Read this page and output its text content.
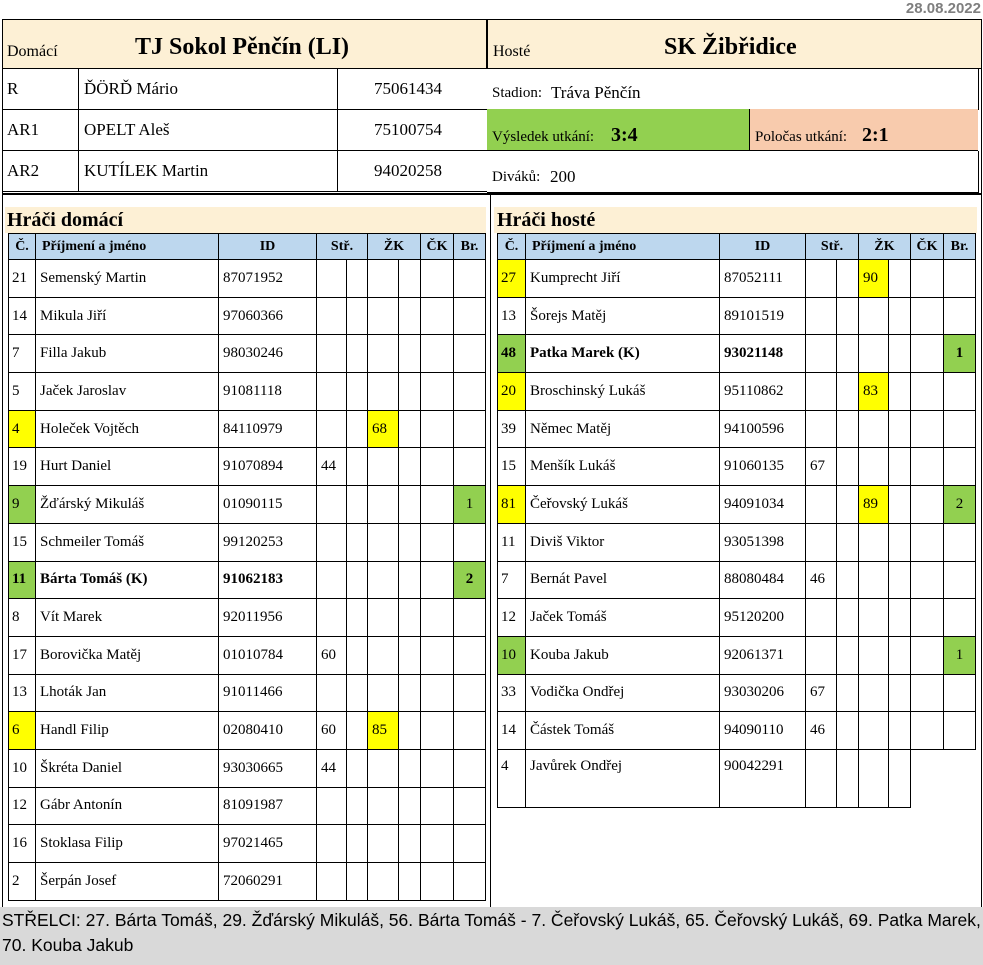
28.08.2022
Domácí	TJ Sokol Pěnčín (LI)	Hosté	SK Žibřidice
R	ĎÖRĎ Mário	75061434
AR1	OPELT Aleš	75100754
AR2	KUTÍLEK Martin	94020258
Stadion: Tráva Pěnčín
Výsledek utkání: 3:4	Poločas utkání: 2:1
Diváků: 200
Hráči domácí
Č.	Příjmení a jméno	ID	Stř.		ŽK		ČK	Br.
21	Semenský Martin	87071952						
14	Mikula Jiří	97060366						
7	Filla Jakub	98030246						
5	Jaček Jaroslav	91081118						
4	Holeček Vojtěch	84110979			68			
19	Hurt Daniel	91070894	44					
9	Žďárský Mikuláš	01090115						1
15	Schmeiler Tomáš	99120253						
11	Bárta Tomáš (K)	91062183						2
8	Vít Marek	92011956						
17	Borovička Matěj	01010784	60					
13	Lhoták Jan	91011466						
6	Handl Filip	02080410	60		85			
10	Škréta Daniel	93030665	44					
12	Gábr Antonín	81091987						
16	Stoklasa Filip	97021465						
2	Šerpán Josef	72060291						
Hráči hosté
Č.	Příjmení a jméno	ID	Stř.		ŽK		ČK	Br.
27	Kumprecht Jiří	87052111			90			
13	Šorejs Matěj	89101519						
48	Patka Marek (K)	93021148						1
20	Broschinský Lukáš	95110862			83			
39	Němec Matěj	94100596						
15	Menšík Lukáš	91060135	67					
81	Čeřovský Lukáš	94091034			89			2
11	Diviš Viktor	93051398						
7	Bernát Pavel	88080484	46					
12	Jaček Tomáš	95120200						
10	Kouba Jakub	92061371						1
33	Vodička Ondřej	93030206	67					
14	Částek Tomáš	94090110	46					
4	Javůrek Ondřej	90042291						
STŘELCI: 27. Bárta Tomáš, 29. Žďárský Mikuláš, 56. Bárta Tomáš - 7. Čeřovský Lukáš, 65. Čeřovský Lukáš, 69. Patka Marek, 70. Kouba Jakub
